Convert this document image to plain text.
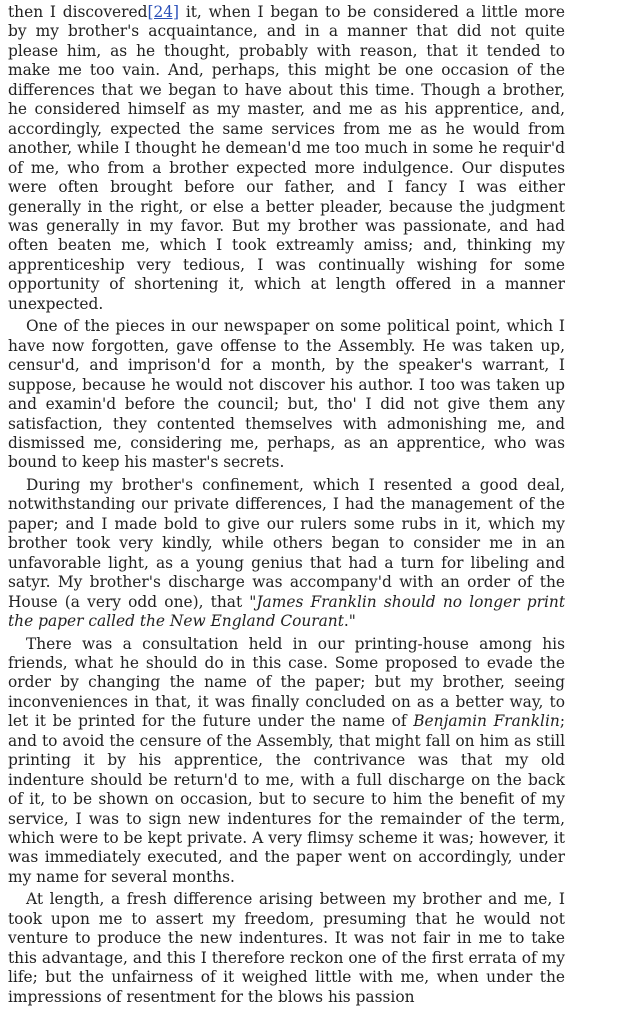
then I discovered[24] it, when I began to be considered a little more by my brother's acquaintance, and in a manner that did not quite please him, as he thought, probably with reason, that it tended to make me too vain. And, perhaps, this might be one occasion of the differences that we began to have about this time. Though a brother, he considered himself as my master, and me as his apprentice, and, accordingly, expected the same services from me as he would from another, while I thought he demean'd me too much in some he requir'd of me, who from a brother expected more indulgence. Our disputes were often brought before our father, and I fancy I was either generally in the right, or else a better pleader, because the judgment was generally in my favor. But my brother was passionate, and had often beaten me, which I took extreamly amiss; and, thinking my apprenticeship very tedious, I was continually wishing for some opportunity of shortening it, which at length offered in a manner unexpected.

One of the pieces in our newspaper on some political point, which I have now forgotten, gave offense to the Assembly. He was taken up, censur'd, and imprison'd for a month, by the speaker's warrant, I suppose, because he would not discover his author. I too was taken up and examin'd before the council; but, tho' I did not give them any satisfaction, they contented themselves with admonishing me, and dismissed me, considering me, perhaps, as an apprentice, who was bound to keep his master's secrets.

During my brother's confinement, which I resented a good deal, notwithstanding our private differences, I had the management of the paper; and I made bold to give our rulers some rubs in it, which my brother took very kindly, while others began to consider me in an unfavorable light, as a young genius that had a turn for libeling and satyr. My brother's discharge was accompany'd with an order of the House (a very odd one), that "James Franklin should no longer print the paper called the New England Courant."

There was a consultation held in our printing-house among his friends, what he should do in this case. Some proposed to evade the order by changing the name of the paper; but my brother, seeing inconveniences in that, it was finally concluded on as a better way, to let it be printed for the future under the name of Benjamin Franklin; and to avoid the censure of the Assembly, that might fall on him as still printing it by his apprentice, the contrivance was that my old indenture should be return'd to me, with a full discharge on the back of it, to be shown on occasion, but to secure to him the benefit of my service, I was to sign new indentures for the remainder of the term, which were to be kept private. A very flimsy scheme it was; however, it was immediately executed, and the paper went on accordingly, under my name for several months.

At length, a fresh difference arising between my brother and me, I took upon me to assert my freedom, presuming that he would not venture to produce the new indentures. It was not fair in me to take this advantage, and this I therefore reckon one of the first errata of my life; but the unfairness of it weighed little with me, when under the impressions of resentment for the blows his passion
